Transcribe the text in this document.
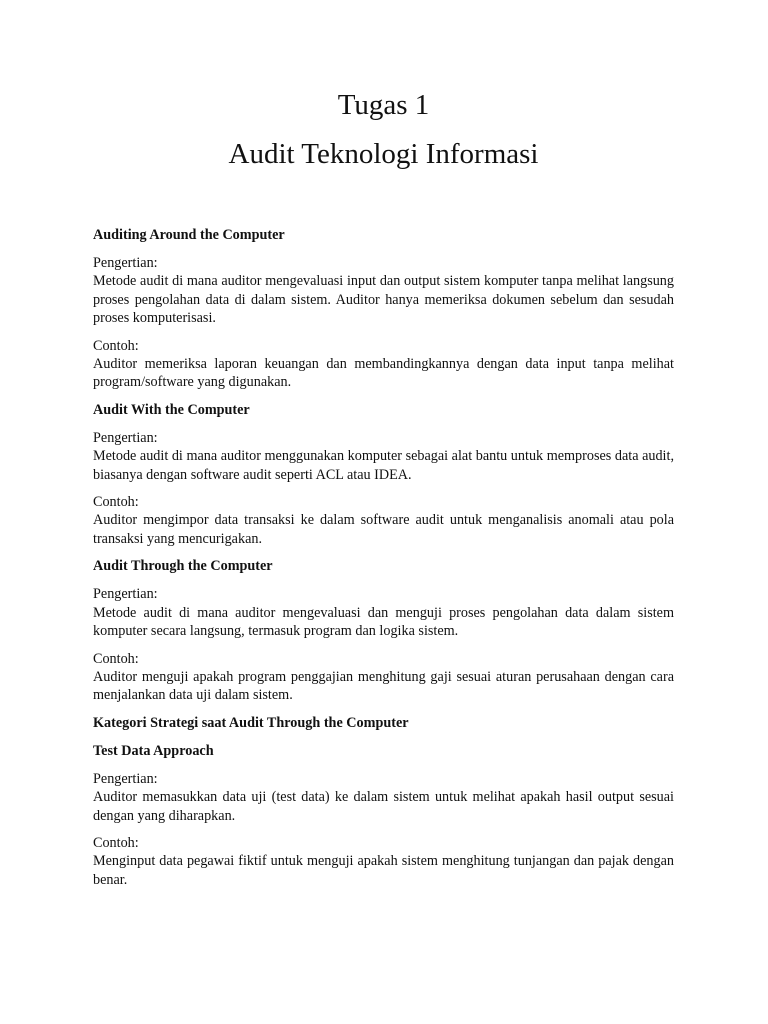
Tugas 1
Audit Teknologi Informasi
Auditing Around the Computer
Pengertian:
Metode audit di mana auditor mengevaluasi input dan output sistem komputer tanpa melihat langsung proses pengolahan data di dalam sistem. Auditor hanya memeriksa dokumen sebelum dan sesudah proses komputerisasi.
Contoh:
Auditor memeriksa laporan keuangan dan membandingkannya dengan data input tanpa melihat program/software yang digunakan.
Audit With the Computer
Pengertian:
Metode audit di mana auditor menggunakan komputer sebagai alat bantu untuk memproses data audit, biasanya dengan software audit seperti ACL atau IDEA.
Contoh:
Auditor mengimpor data transaksi ke dalam software audit untuk menganalisis anomali atau pola transaksi yang mencurigakan.
Audit Through the Computer
Pengertian:
Metode audit di mana auditor mengevaluasi dan menguji proses pengolahan data dalam sistem komputer secara langsung, termasuk program dan logika sistem.
Contoh:
Auditor menguji apakah program penggajian menghitung gaji sesuai aturan perusahaan dengan cara menjalankan data uji dalam sistem.
Kategori Strategi saat Audit Through the Computer
Test Data Approach
Pengertian:
Auditor memasukkan data uji (test data) ke dalam sistem untuk melihat apakah hasil output sesuai dengan yang diharapkan.
Contoh:
Menginput data pegawai fiktif untuk menguji apakah sistem menghitung tunjangan dan pajak dengan benar.
